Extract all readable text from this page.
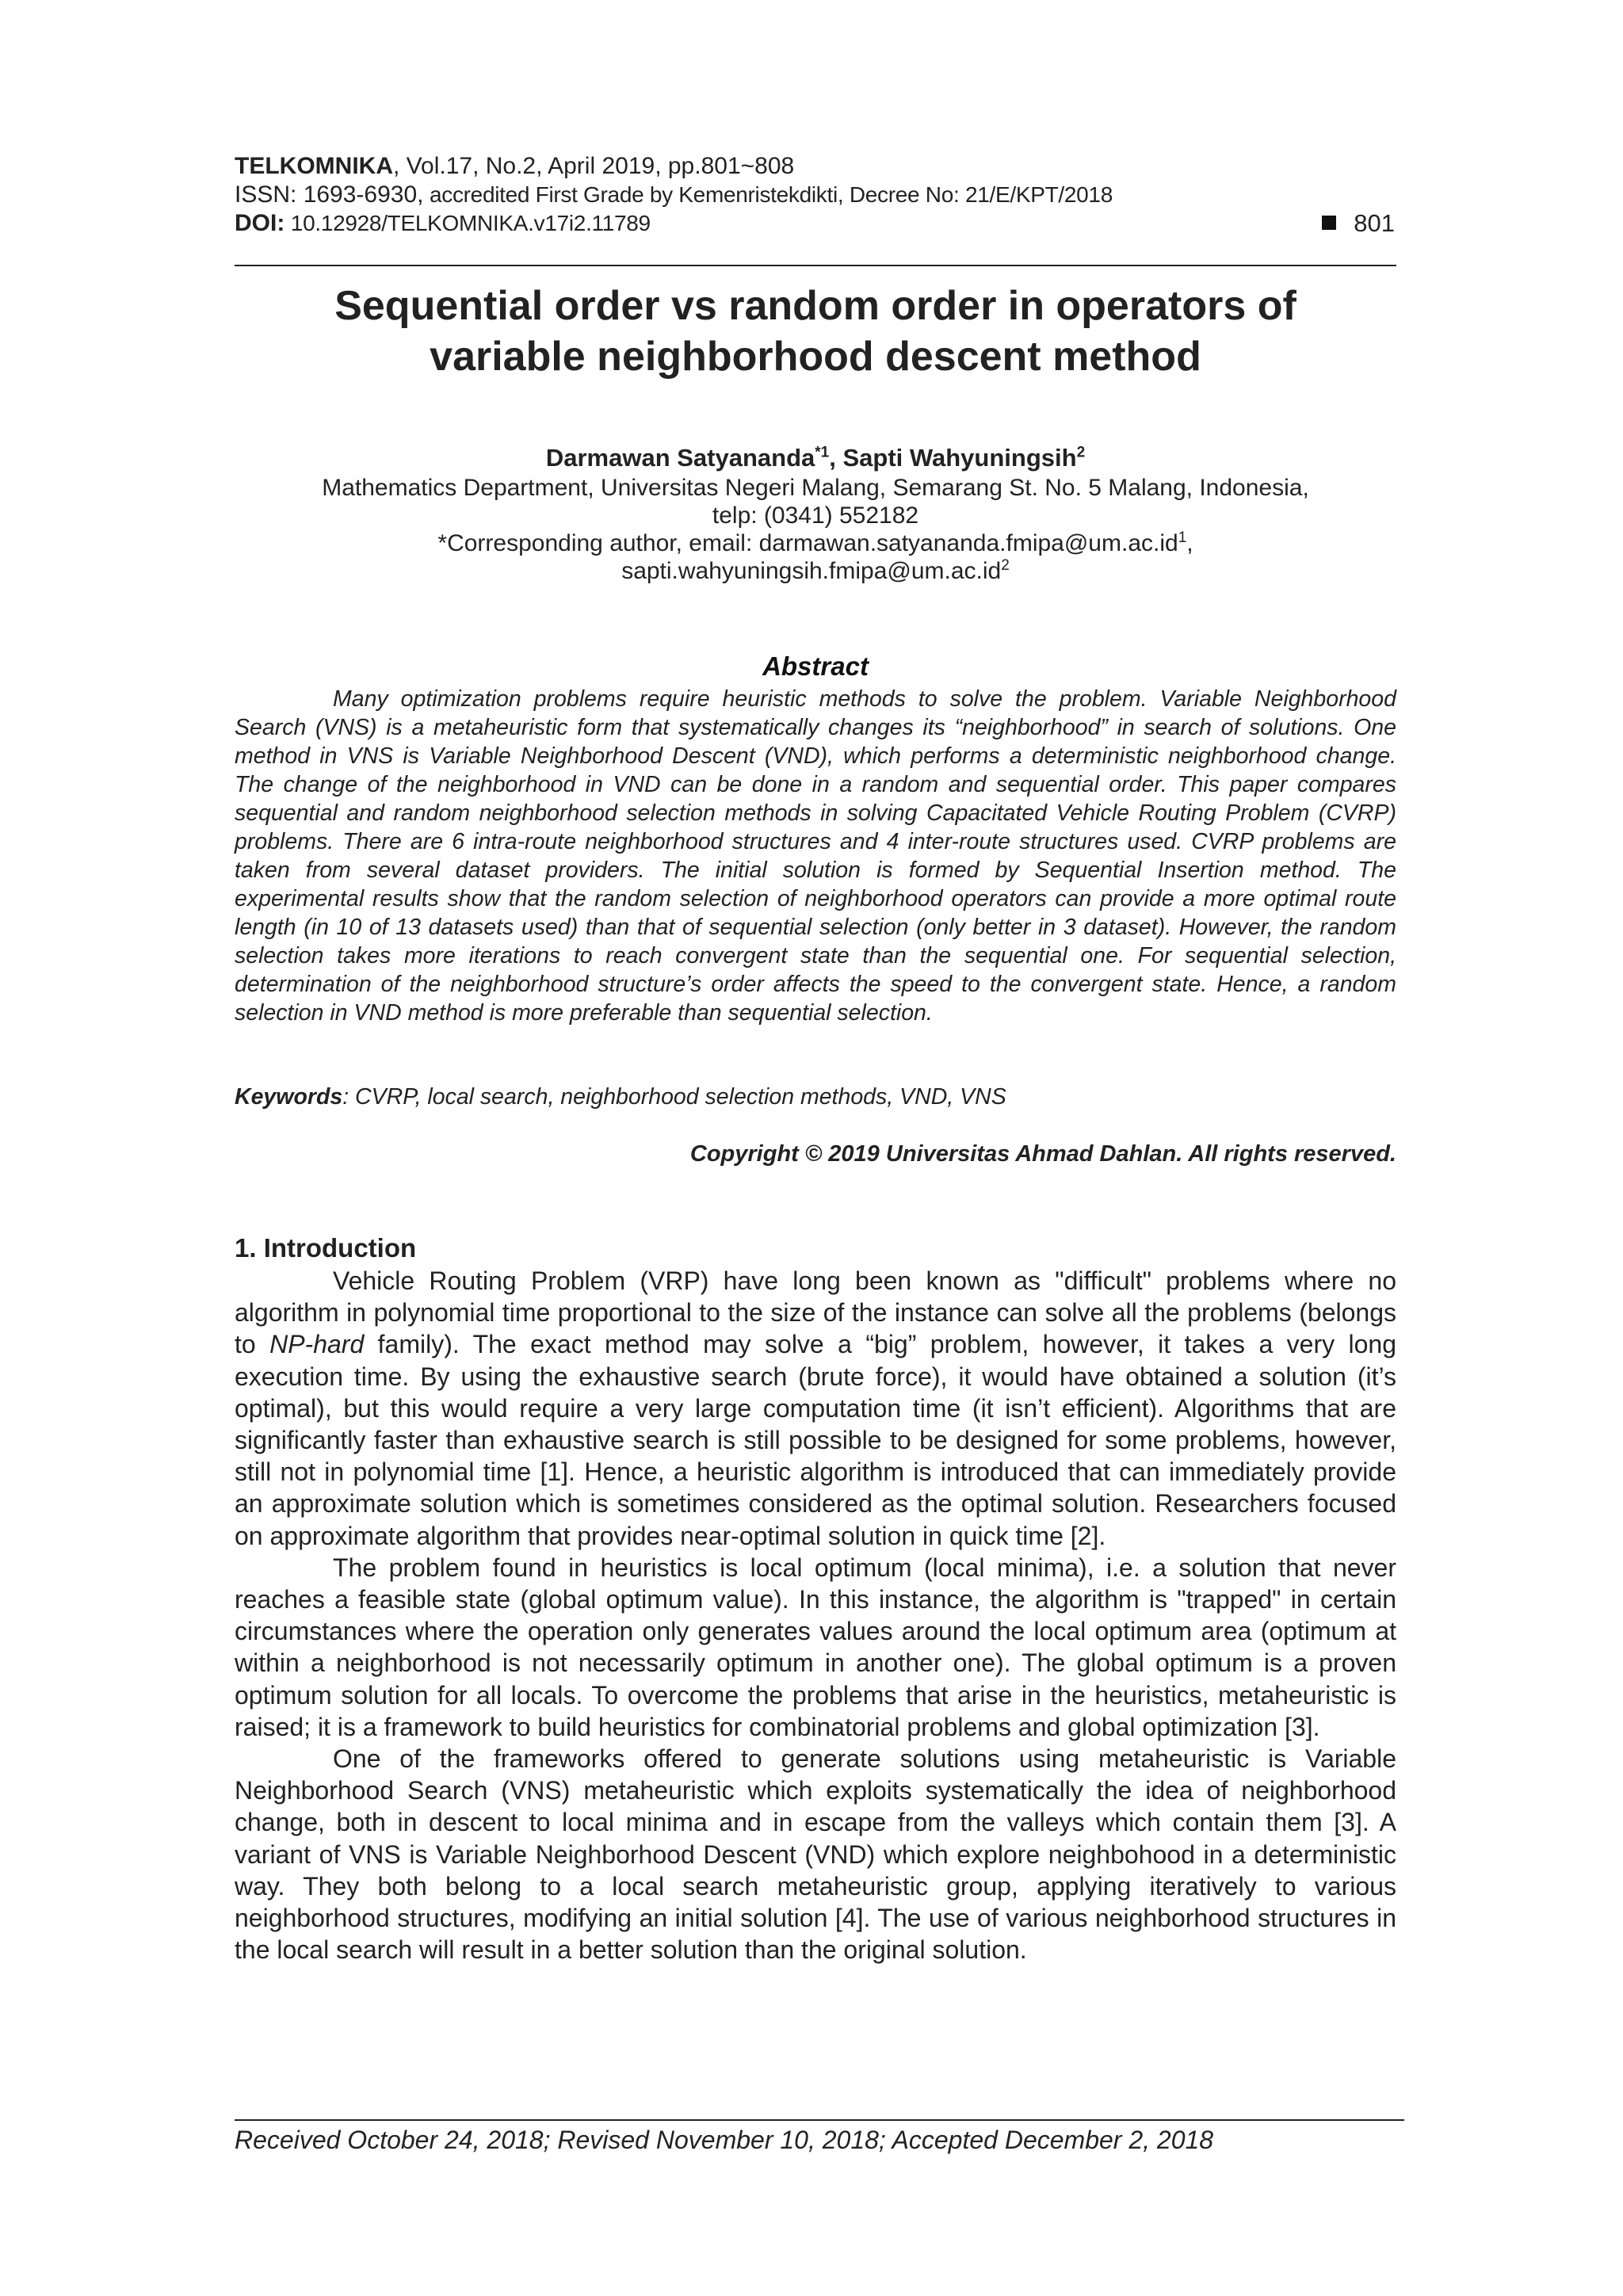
TELKOMNIKA, Vol.17, No.2, April 2019, pp.801~808
ISSN: 1693-6930, accredited First Grade by Kemenristekdikti, Decree No: 21/E/KPT/2018
DOI: 10.12928/TELKOMNIKA.v17i2.11789	801
Sequential order vs random order in operators of
variable neighborhood descent method
Darmawan Satyananda$^{*1}$, Sapti Wahyuningsih$^2$
Mathematics Department, Universitas Negeri Malang, Semarang St. No. 5 Malang, Indonesia,
telp: (0341) 552182
*Corresponding author, email: $darmawan.satyananda.fmipa@um.ac.id^1$,
$sapti.wahyuningsih.fmipa@um.ac.id^2$
Abstract
Many optimization problems require heuristic methods to solve the problem. Variable Neighborhood Search (VNS) is a metaheuristic form that systematically changes its “neighborhood” in search of solutions. One method in VNS is Variable Neighborhood Descent (VND), which performs a deterministic neighborhood change. The change of the neighborhood in VND can be done in a random and sequential order. This paper compares sequential and random neighborhood selection methods in solving Capacitated Vehicle Routing Problem (CVRP) problems. There are 6 intra-route neighborhood structures and 4 inter-route structures used. CVRP problems are taken from several dataset providers. The initial solution is formed by Sequential Insertion method. The experimental results show that the random selection of neighborhood operators can provide a more optimal route length (in 10 of 13 datasets used) than that of sequential selection (only better in 3 dataset). However, the random selection takes more iterations to reach convergent state than the sequential one. For sequential selection, determination of the neighborhood structure’s order affects the speed to the convergent state. Hence, a random selection in VND method is more preferable than sequential selection.
Keywords: CVRP, local search, neighborhood selection methods, VND, VNS
Copyright © 2019 Universitas Ahmad Dahlan. All rights reserved.
1. Introduction

Vehicle Routing Problem (VRP) have long been known as "difficult" problems where no algorithm in polynomial time proportional to the size of the instance can solve all the problems (belongs to NP-hard family). The exact method may solve a “big” problem, however, it takes a very long execution time. By using the exhaustive search (brute force), it would have obtained a solution (it’s optimal), but this would require a very large computation time (it isn’t efficient). Algorithms that are significantly faster than exhaustive search is still possible to be designed for some problems, however, still not in polynomial time [1]. Hence, a heuristic algorithm is introduced that can immediately provide an approximate solution which is sometimes considered as the optimal solution. Researchers focused on approximate algorithm that provides near-optimal solution in quick time [2].

The problem found in heuristics is local optimum (local minima), i.e. a solution that never reaches a feasible state (global optimum value). In this instance, the algorithm is "trapped" in certain circumstances where the operation only generates values around the local optimum area (optimum at within a neighborhood is not necessarily optimum in another one). The global optimum is a proven optimum solution for all locals. To overcome the problems that arise in the heuristics, metaheuristic is raised; it is a framework to build heuristics for combinatorial problems and global optimization [3].

One of the frameworks offered to generate solutions using metaheuristic is Variable Neighborhood Search (VNS) metaheuristic which exploits systematically the idea of neighborhood change, both in descent to local minima and in escape from the valleys which contain them [3]. A variant of VNS is Variable Neighborhood Descent (VND) which explore neighbohood in a deterministic way. They both belong to a local search metaheuristic group, applying iteratively to various neighborhood structures, modifying an initial solution [4]. The use of various neighborhood structures in the local search will result in a better solution than the original solution.

Received October 24, 2018; Revised November 10, 2018; Accepted December 2, 2018
